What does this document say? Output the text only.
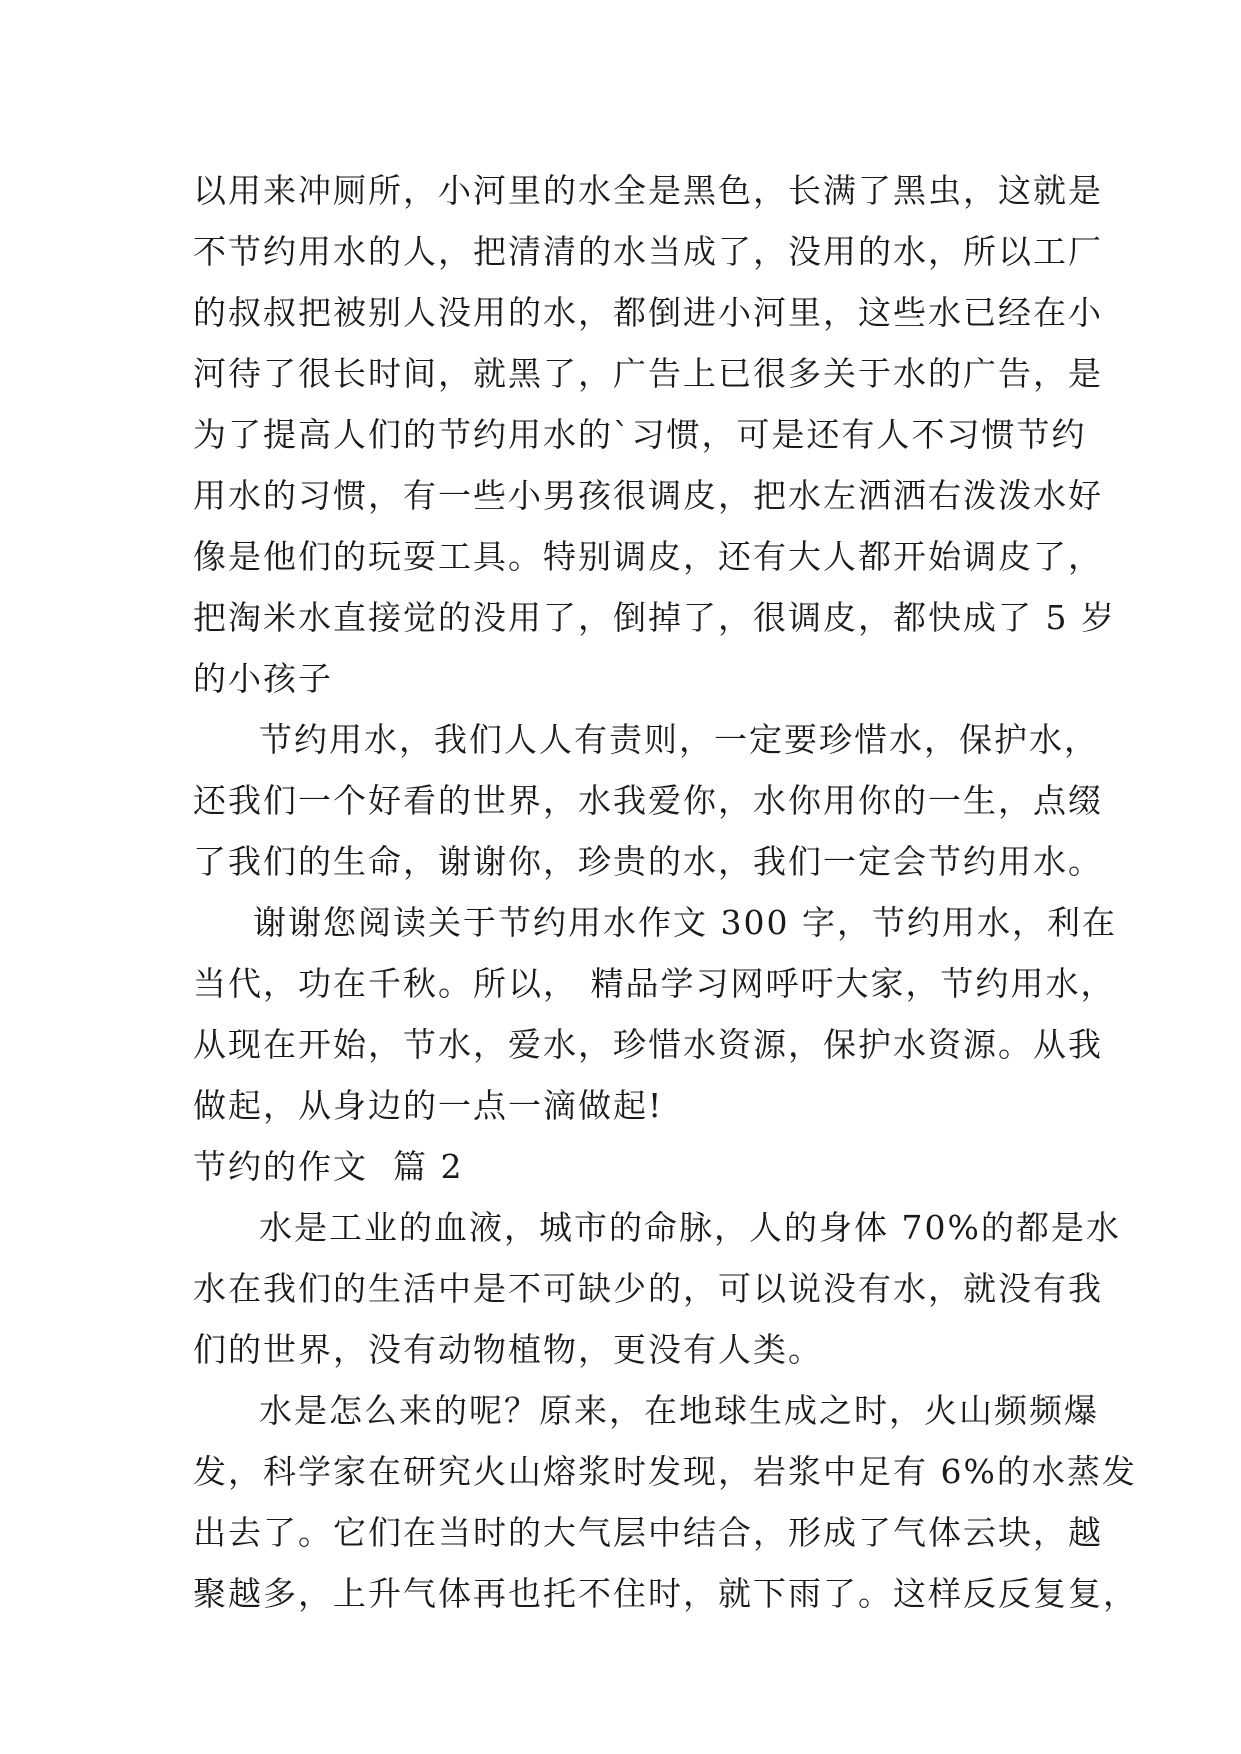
以用来冲厕所，小河里的水全是黑色，长满了黑虫，这就是
不节约用水的人，把清清的水当成了，没用的水，所以工厂
的叔叔把被别人没用的水，都倒进小河里，这些水已经在小
河待了很长时间，就黑了，广告上已很多关于水的广告，是
为了提高人们的节约用水的`习惯，可是还有人不习惯节约
用水的习惯，有一些小男孩很调皮，把水左洒洒右泼泼水好
像是他们的玩耍工具。特别调皮，还有大人都开始调皮了，
把淘米水直接觉的没用了，倒掉了，很调皮，都快成了 5 岁
的小孩子
节约用水，我们人人有责则，一定要珍惜水，保护水，
还我们一个好看的世界，水我爱你，水你用你的一生，点缀
了我们的生命，谢谢你，珍贵的水，我们一定会节约用水。
谢谢您阅读关于节约用水作文 300 字，节约用水，利在
当代，功在千秋。所以， 精品学习网呼吁大家，节约用水，
从现在开始，节水，爱水，珍惜水资源，保护水资源。从我
做起，从身边的一点一滴做起!
节约的作文  篇 2
水是工业的血液，城市的命脉，人的身体 70%的都是水
水在我们的生活中是不可缺少的，可以说没有水，就没有我
们的世界，没有动物植物，更没有人类。
水是怎么来的呢？原来，在地球生成之时，火山频频爆
发，科学家在研究火山熔浆时发现，岩浆中足有 6%的水蒸发
出去了。它们在当时的大气层中结合，形成了气体云块，越
聚越多，上升气体再也托不住时，就下雨了。这样反反复复，
